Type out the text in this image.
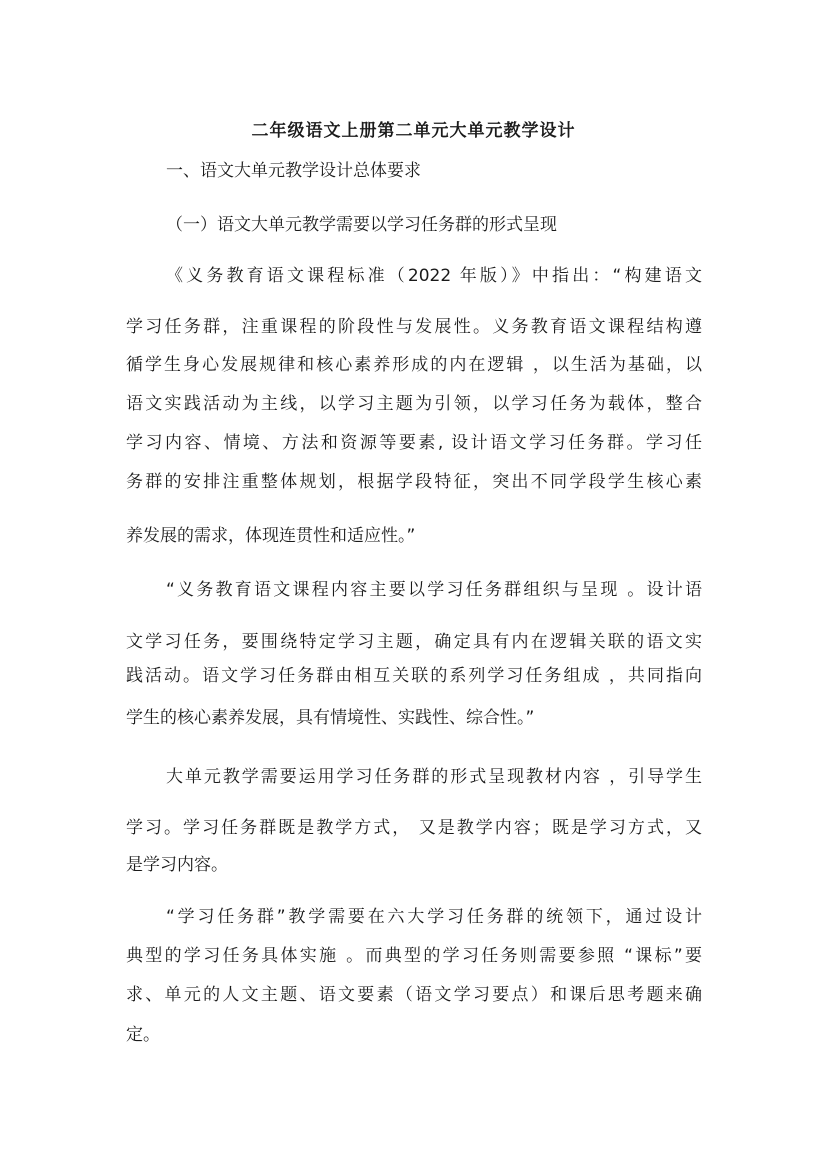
二年级语文上册第二单元大单元教学设计
一、语文大单元教学设计总体要求
（一）语文大单元教学需要以学习任务群的形式呈现
《义务教育语文课程标准（2022 年版）》中指出：“构建语文
学习任务群，注重课程的阶段性与发展性。义务教育语文课程结构遵
循学生身心发展规律和核心素养形成的内在逻辑 ，以生活为基础，以
语文实践活动为主线，以学习主题为引领，以学习任务为载体，整合
学习内容、情境、方法和资源等要素, 设计语文学习任务群。学习任
务群的安排注重整体规划，根据学段特征，突出不同学段学生核心素
养发展的需求，体现连贯性和适应性。”
“义务教育语文课程内容主要以学习任务群组织与呈现 。设计语
文学习任务，要围绕特定学习主题，确定具有内在逻辑关联的语文实
践活动。语文学习任务群由相互关联的系列学习任务组成 ，共同指向
学生的核心素养发展，具有情境性、实践性、综合性。”
大单元教学需要运用学习任务群的形式呈现教材内容 ，引导学生
学习。学习任务群既是教学方式， 又是教学内容；既是学习方式，又
是学习内容。
“学习任务群”教学需要在六大学习任务群的统领下，通过设计
典型的学习任务具体实施 。而典型的学习任务则需要参照 “课标”要
求、单元的人文主题、语文要素（语文学习要点）和课后思考题来确
定。
